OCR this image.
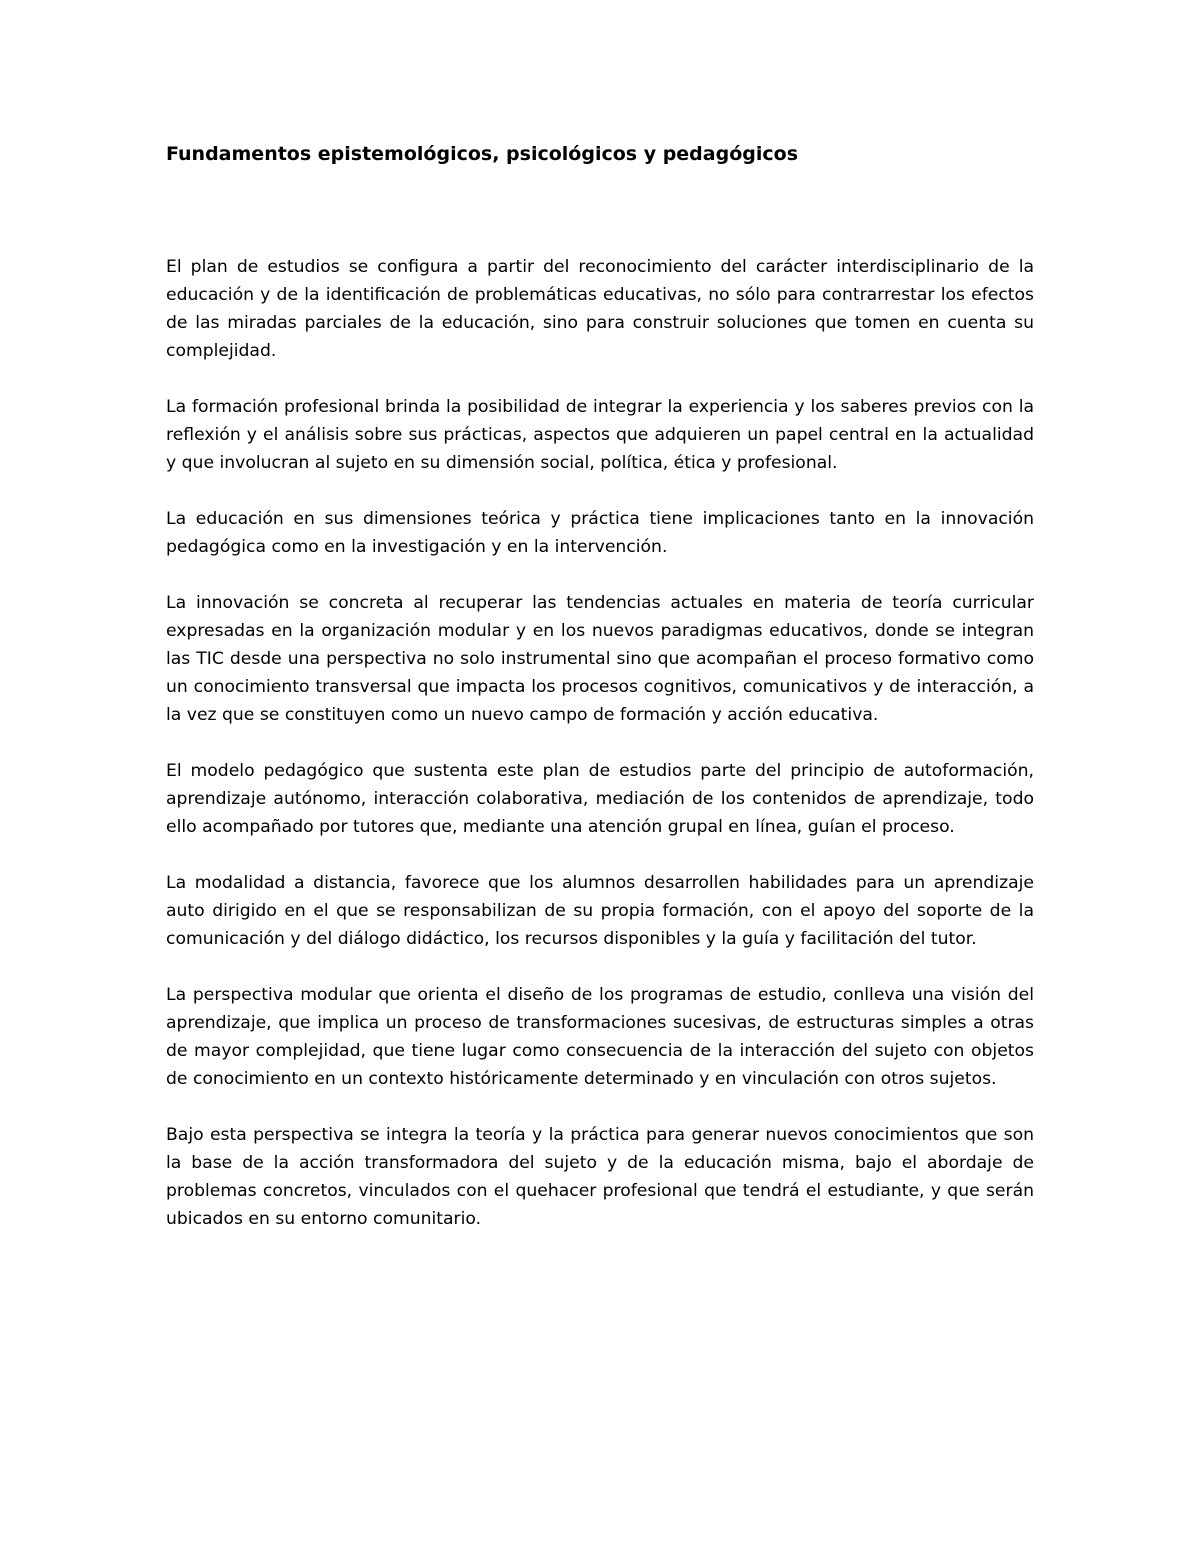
Fundamentos epistemológicos, psicológicos y pedagógicos

El plan de estudios se configura a partir del reconocimiento del carácter interdisciplinario de la educación y de la identificación de problemáticas educativas, no sólo para contrarrestar los efectos de las miradas parciales de la educación, sino para construir soluciones que tomen en cuenta su complejidad.

La formación profesional brinda la posibilidad de integrar la experiencia y los saberes previos con la reflexión y el análisis sobre sus prácticas, aspectos que adquieren un papel central en la actualidad y que involucran al sujeto en su dimensión social, política, ética y profesional.

La educación en sus dimensiones teórica y práctica tiene implicaciones tanto en la innovación pedagógica como en la investigación y en la intervención.

La innovación se concreta al recuperar las tendencias actuales en materia de teoría curricular expresadas en la organización modular y en los nuevos paradigmas educativos, donde se integran las TIC desde una perspectiva no solo instrumental sino que acompañan el proceso formativo como un conocimiento transversal que impacta los procesos cognitivos, comunicativos y de interacción, a la vez que se constituyen como un nuevo campo de formación y acción educativa.

El modelo pedagógico que sustenta este plan de estudios parte del principio de autoformación, aprendizaje autónomo, interacción colaborativa, mediación de los contenidos de aprendizaje, todo ello acompañado por tutores que, mediante una atención grupal en línea, guían el proceso.

La modalidad a distancia, favorece que los alumnos desarrollen habilidades para un aprendizaje auto dirigido en el que se responsabilizan de su propia formación, con el apoyo del soporte de la comunicación y del diálogo didáctico, los recursos disponibles y la guía y facilitación del tutor.

La perspectiva modular que orienta el diseño de los programas de estudio, conlleva una visión del aprendizaje, que implica un proceso de transformaciones sucesivas, de estructuras simples a otras de mayor complejidad, que tiene lugar como consecuencia de la interacción del sujeto con objetos de conocimiento en un contexto históricamente determinado y en vinculación con otros sujetos.

Bajo esta perspectiva se integra la teoría y la práctica para generar nuevos conocimientos que son la base de la acción transformadora del sujeto y de la educación misma, bajo el abordaje de problemas concretos, vinculados con el quehacer profesional que tendrá el estudiante, y que serán ubicados en su entorno comunitario.
